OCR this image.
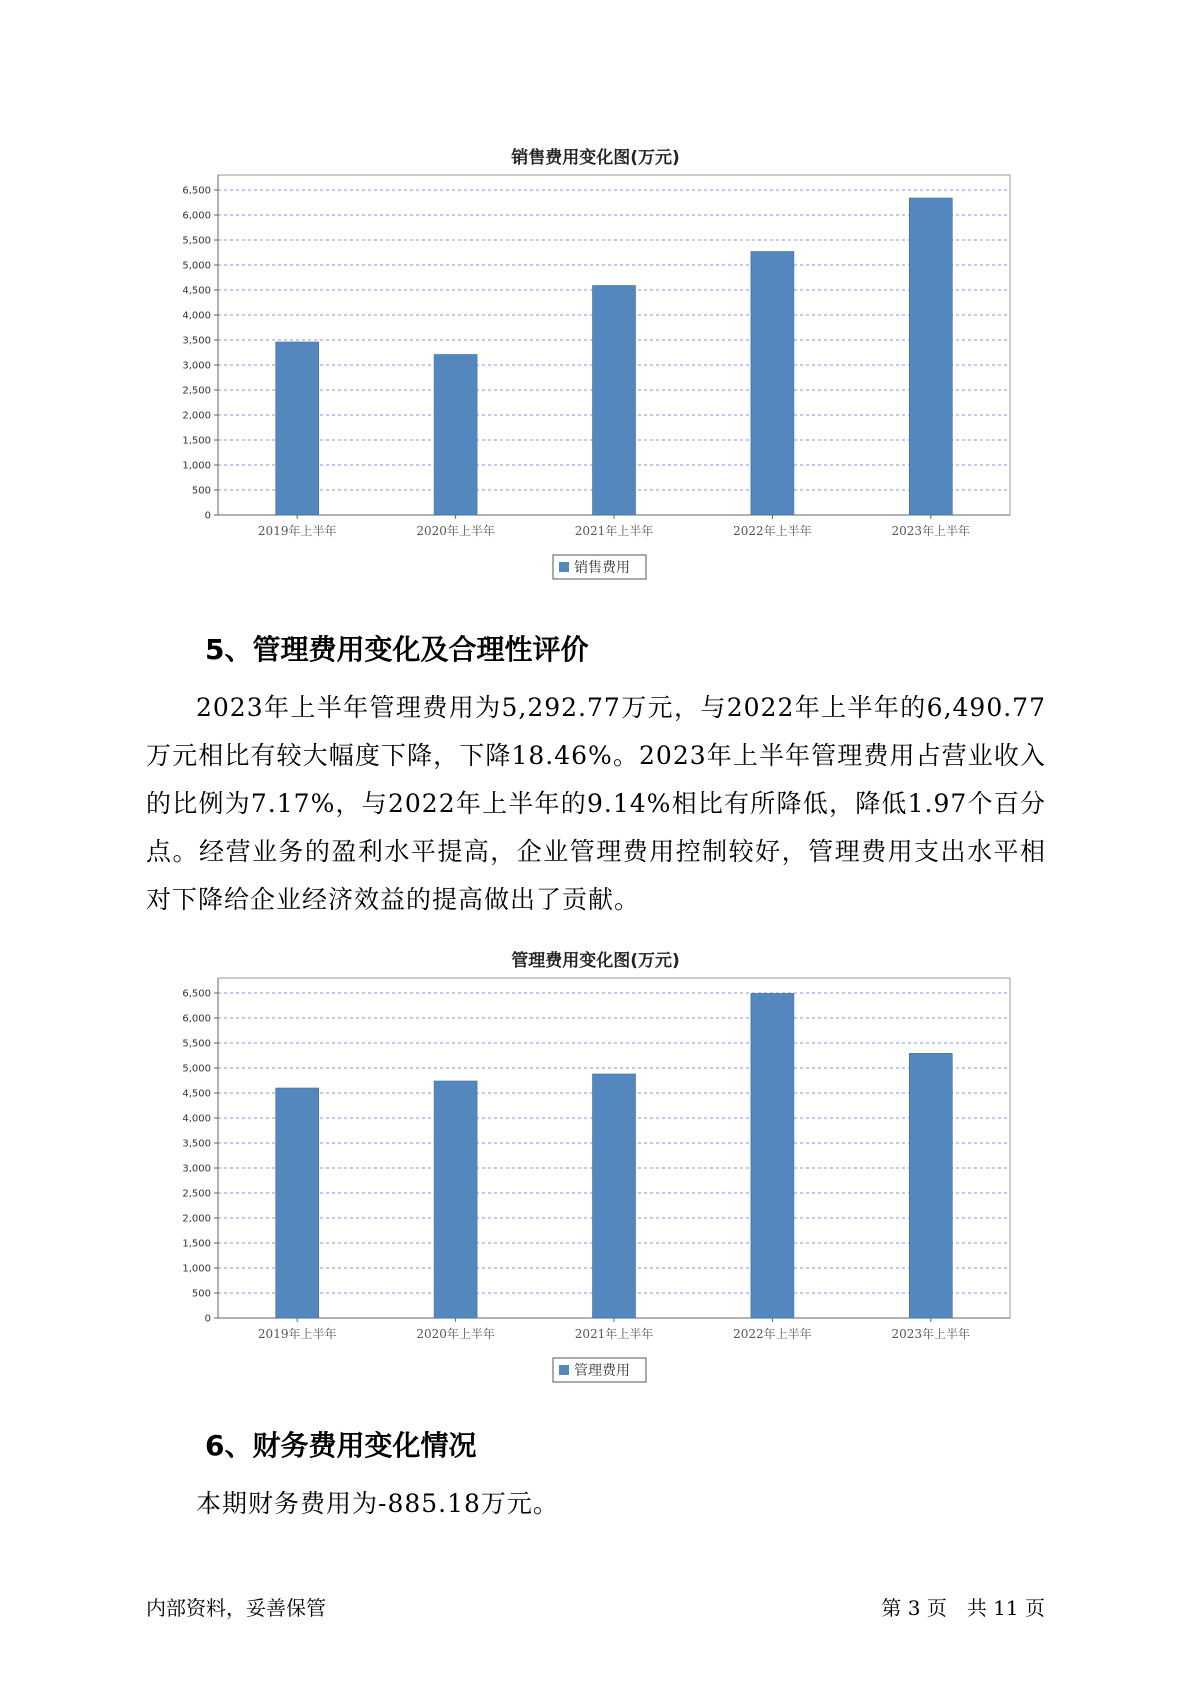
销售费用变化图(万元)
0
500
1,000
1,500
2,000
2,500
3,000
3,500
4,000
4,500
5,000
5,500
6,000
6,500
2019年上半年	2020年上半年	2021年上半年	2022年上半年	2023年上半年
销售费用
5、管理费用变化及合理性评价

2023年上半年管理费用为5,292.77万元，与2022年上半年的6,490.77万元相比有较大幅度下降，下降18.46%。2023年上半年管理费用占营业收入的比例为7.17%，与2022年上半年的9.14%相比有所降低，降低1.97个百分点。经营业务的盈利水平提高，企业管理费用控制较好，管理费用支出水平相对下降给企业经济效益的提高做出了贡献。

管理费用变化图(万元)
0
500
1,000
1,500
2,000
2,500
3,000
3,500
4,000
4,500
5,000
5,500
6,000
6,500
2019年上半年	2020年上半年	2021年上半年	2022年上半年	2023年上半年
管理费用
6、财务费用变化情况

本期财务费用为-885.18万元。

内部资料，妥善保管	第 3 页　共 11 页
